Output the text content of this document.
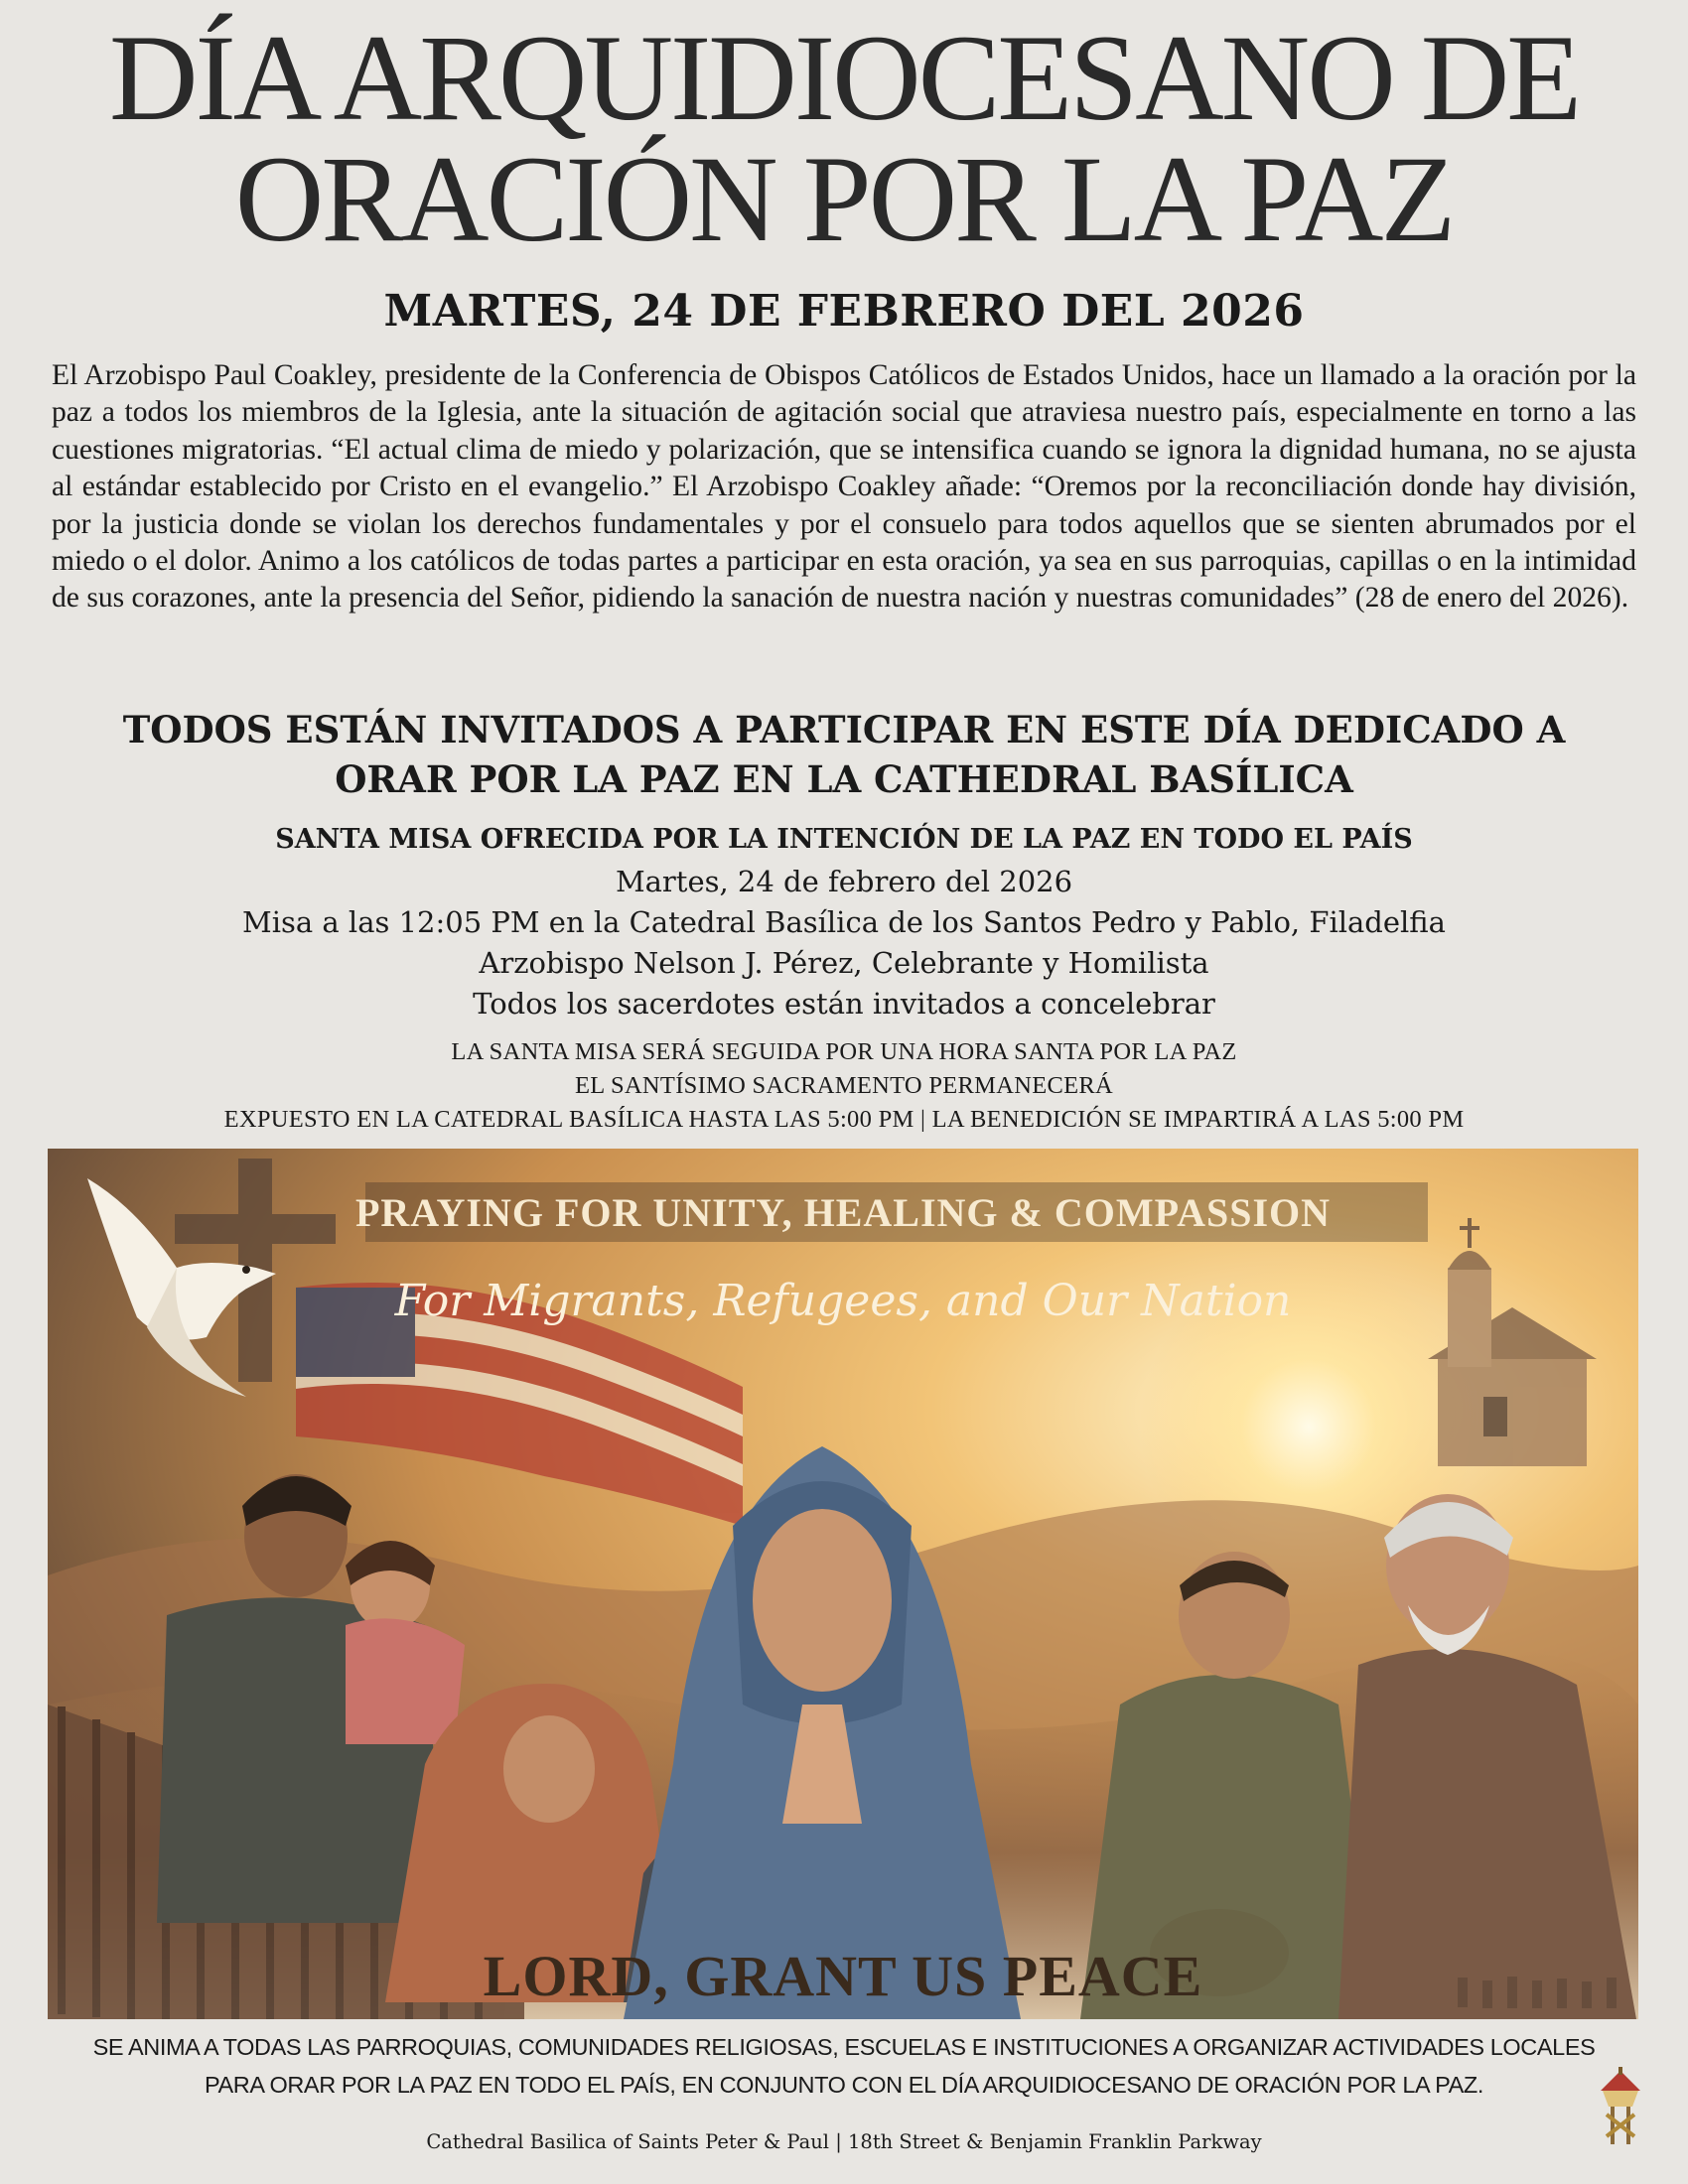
DÍA ARQUIDIOCESANO DE
ORACIÓN POR LA PAZ
MARTES, 24 DE FEBRERO DEL 2026
El Arzobispo Paul Coakley, presidente de la Conferencia de Obispos Católicos de Estados Unidos, hace un llamado a la oración por la paz a todos los miembros de la Iglesia, ante la situación de agitación social que atraviesa nuestro país, especialmente en torno a las cuestiones migratorias. “El actual clima de miedo y polarización, que se intensifica cuando se ignora la dignidad humana, no se ajusta al estándar establecido por Cristo en el evangelio.” El Arzobispo Coakley añade: “Oremos por la reconciliación donde hay división, por la justicia donde se violan los derechos fundamentales y por el consuelo para todos aquellos que se sienten abrumados por el miedo o el dolor. Animo a los católicos de todas partes a participar en esta oración, ya sea en sus parroquias, capillas o en la intimidad de sus corazones, ante la presencia del Señor, pidiendo la sanación de nuestra nación y nuestras comunidades” (28 de enero del 2026).
TODOS ESTÁN INVITADOS A PARTICIPAR EN ESTE DÍA DEDICADO A
ORAR POR LA PAZ EN LA CATHEDRAL BASÍLICA
SANTA MISA OFRECIDA POR LA INTENCIÓN DE LA PAZ EN TODO EL PAÍS
Martes, 24 de febrero del 2026
Misa a las 12:05 PM en la Catedral Basílica de los Santos Pedro y Pablo, Filadelfia
Arzobispo Nelson J. Pérez, Celebrante y Homilista
Todos los sacerdotes están invitados a concelebrar
LA SANTA MISA SERÁ SEGUIDA POR UNA HORA SANTA POR LA PAZ
EL SANTÍSIMO SACRAMENTO PERMANECERÁ
EXPUESTO EN LA CATEDRAL BASÍLICA HASTA LAS 5:00 PM | LA BENEDICIÓN SE IMPARTIRÁ A LAS 5:00 PM
PRAYING FOR UNITY, HEALING & COMPASSION
For Migrants, Refugees, and Our Nation
LORD, GRANT US PEACE
SE ANIMA A TODAS LAS PARROQUIAS, COMUNIDADES RELIGIOSAS, ESCUELAS E INSTITUCIONES A ORGANIZAR ACTIVIDADES LOCALES
PARA ORAR POR LA PAZ EN TODO EL PAÍS, EN CONJUNTO CON EL DÍA ARQUIDIOCESANO DE ORACIÓN POR LA PAZ.
Cathedral Basilica of Saints Peter & Paul | 18th Street & Benjamin Franklin Parkway
